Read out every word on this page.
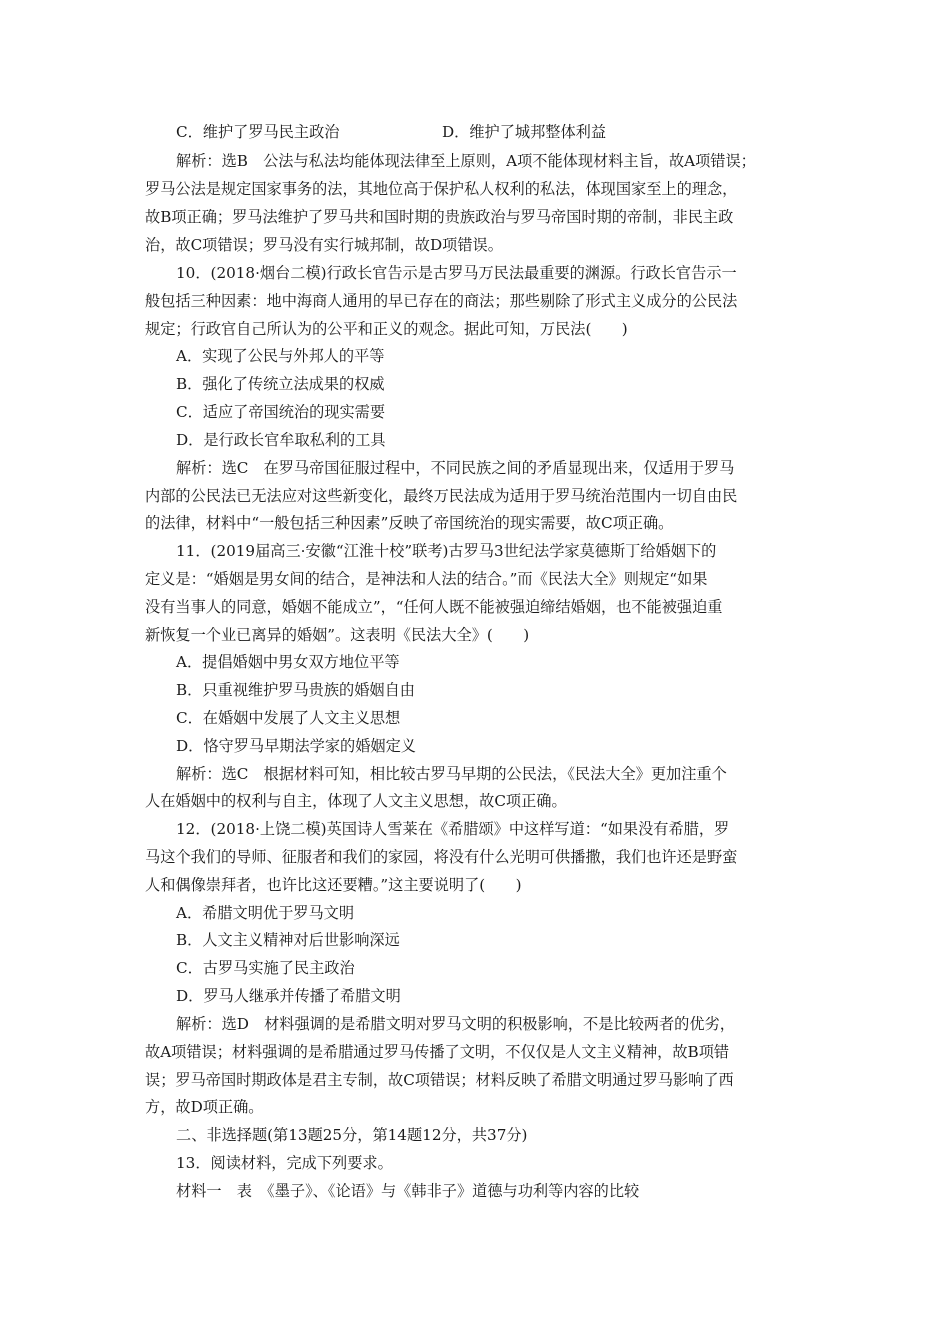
C．维护了罗马民主政治	D．维护了城邦整体利益
解析：选B　公法与私法均能体现法律至上原则，A项不能体现材料主旨，故A项错误；
罗马公法是规定国家事务的法，其地位高于保护私人权利的私法，体现国家至上的理念，
故B项正确；罗马法维护了罗马共和国时期的贵族政治与罗马帝国时期的帝制，非民主政
治，故C项错误；罗马没有实行城邦制，故D项错误。
10．(2018·烟台二模)行政长官告示是古罗马万民法最重要的渊源。行政长官告示一
般包括三种因素：地中海商人通用的早已存在的商法；那些剔除了形式主义成分的公民法
规定；行政官自己所认为的公平和正义的观念。据此可知，万民法(　　)
A．实现了公民与外邦人的平等
B．强化了传统立法成果的权威
C．适应了帝国统治的现实需要
D．是行政长官牟取私利的工具
解析：选C　在罗马帝国征服过程中，不同民族之间的矛盾显现出来，仅适用于罗马
内部的公民法已无法应对这些新变化，最终万民法成为适用于罗马统治范围内一切自由民
的法律，材料中“一般包括三种因素”反映了帝国统治的现实需要，故C项正确。
11．(2019届高三·安徽“江淮十校”联考)古罗马3世纪法学家莫德斯丁给婚姻下的
定义是：“婚姻是男女间的结合，是神法和人法的结合。”而《民法大全》则规定“如果
没有当事人的同意，婚姻不能成立”，“任何人既不能被强迫缔结婚姻，也不能被强迫重
新恢复一个业已离异的婚姻”。这表明《民法大全》(　　)
A．提倡婚姻中男女双方地位平等
B．只重视维护罗马贵族的婚姻自由
C．在婚姻中发展了人文主义思想
D．恪守罗马早期法学家的婚姻定义
解析：选C　根据材料可知，相比较古罗马早期的公民法，《民法大全》更加注重个
人在婚姻中的权利与自主，体现了人文主义思想，故C项正确。
12．(2018·上饶二模)英国诗人雪莱在《希腊颂》中这样写道：“如果没有希腊，罗
马这个我们的导师、征服者和我们的家园，将没有什么光明可供播撒，我们也许还是野蛮
人和偶像崇拜者，也许比这还要糟。”这主要说明了(　　)
A．希腊文明优于罗马文明
B．人文主义精神对后世影响深远
C．古罗马实施了民主政治
D．罗马人继承并传播了希腊文明
解析：选D　材料强调的是希腊文明对罗马文明的积极影响，不是比较两者的优劣，
故A项错误；材料强调的是希腊通过罗马传播了文明，不仅仅是人文主义精神，故B项错
误；罗马帝国时期政体是君主专制，故C项错误；材料反映了希腊文明通过罗马影响了西
方，故D项正确。
二、非选择题(第13题25分，第14题12分，共37分)
13．阅读材料，完成下列要求。
材料一　表　《墨子》、《论语》与《韩非子》道德与功利等内容的比较
